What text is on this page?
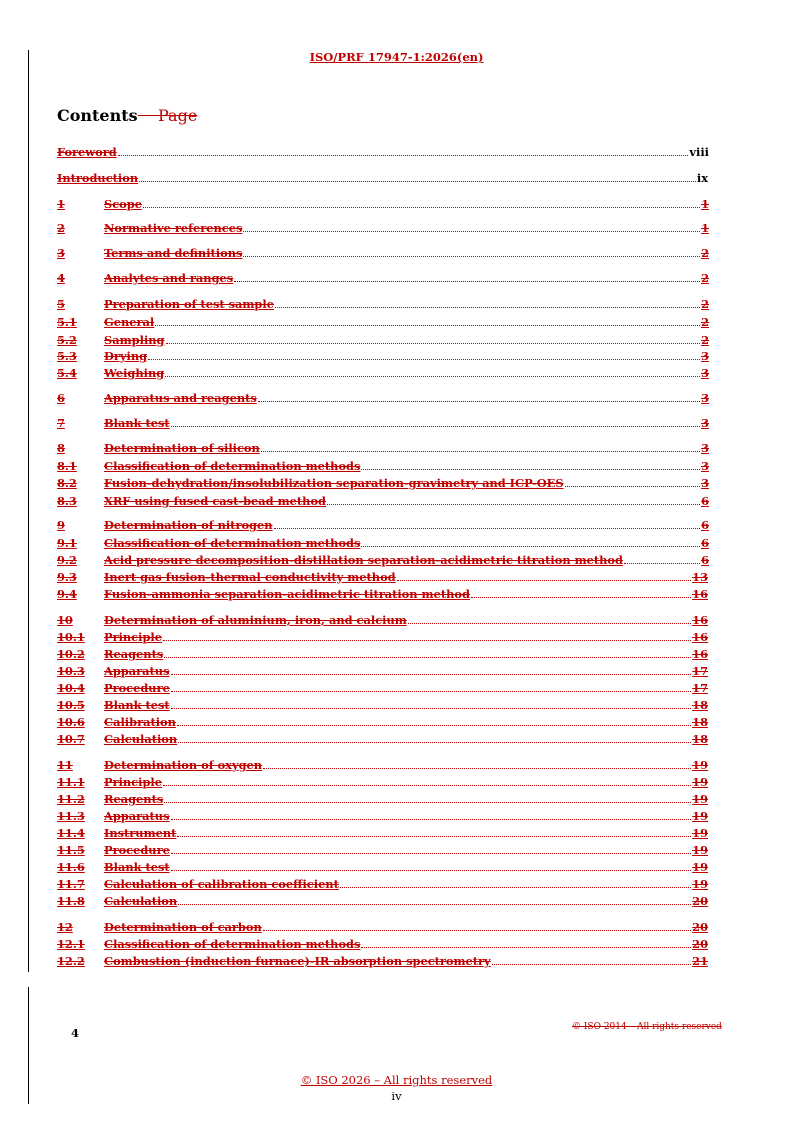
ISO/PRF 17947-1:2026(en)
Contents Page
Foreword	viii
Introduction	ix
1	Scope	1
2	Normative references	1
3	Terms and definitions	2
4	Analytes and ranges	2
5	Preparation of test sample	2
5.1	General	2
5.2	Sampling	2
5.3	Drying	3
5.4	Weighing	3
6	Apparatus and reagents	3
7	Blank test	3
8	Determination of silicon	3
8.1	Classification of determination methods	3
8.2	Fusion-dehydration/insolubilization separation-gravimetry and ICP-OES	3
8.3	XRF using fused cast-bead method	6
9	Determination of nitrogen	6
9.1	Classification of determination methods	6
9.2	Acid pressure decomposition-distillation separation-acidimetric titration method	6
9.3	Inert gas fusion-thermal conductivity method	13
9.4	Fusion-ammonia separation-acidimetric titration method	16
10	Determination of aluminium, iron, and calcium	16
10.1	Principle	16
10.2	Reagents	16
10.3	Apparatus	17
10.4	Procedure	17
10.5	Blank test	18
10.6	Calibration	18
10.7	Calculation	18
11	Determination of oxygen	19
11.1	Principle	19
11.2	Reagents	19
11.3	Apparatus	19
11.4	Instrument	19
11.5	Procedure	19
11.6	Blank test	19
11.7	Calculation of calibration coefficient	19
11.8	Calculation	20
12	Determination of carbon	20
12.1	Classification of determination methods	20
12.2	Combustion (induction furnace)-IR absorption spectrometry	21
4	© ISO 2014 – All rights reserved
© ISO 2026 – All rights reserved
iv
